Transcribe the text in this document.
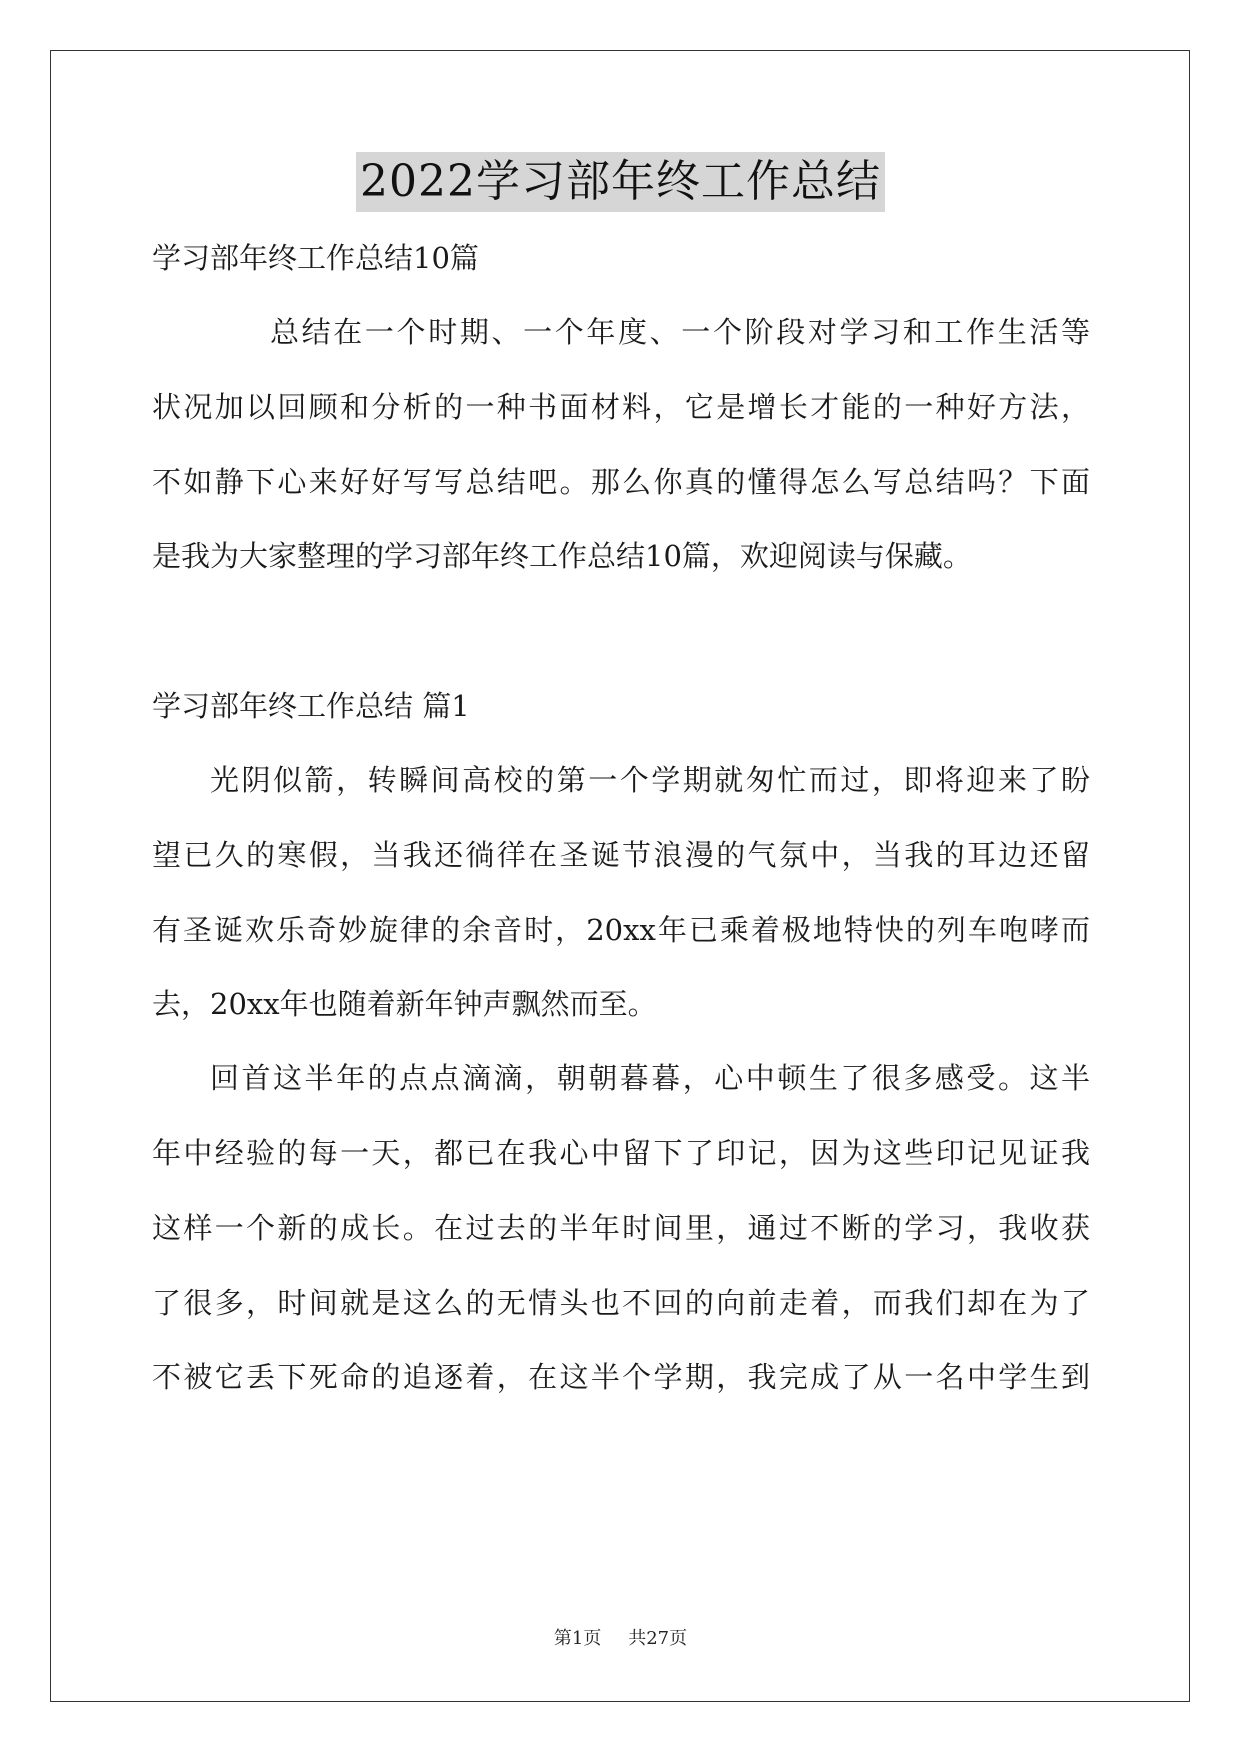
2022学习部年终工作总结
学习部年终工作总结10篇
总结在一个时期、一个年度、一个阶段对学习和工作生活等
状况加以回顾和分析的一种书面材料，它是增长才能的一种好方法，
不如静下心来好好写写总结吧。那么你真的懂得怎么写总结吗？下面
是我为大家整理的学习部年终工作总结10篇，欢迎阅读与保藏。
学习部年终工作总结 篇1
光阴似箭，转瞬间高校的第一个学期就匆忙而过，即将迎来了盼
望已久的寒假，当我还徜徉在圣诞节浪漫的气氛中，当我的耳边还留
有圣诞欢乐奇妙旋律的余音时，20xx年已乘着极地特快的列车咆哮而
去，20xx年也随着新年钟声飘然而至。
回首这半年的点点滴滴，朝朝暮暮，心中顿生了很多感受。这半
年中经验的每一天，都已在我心中留下了印记，因为这些印记见证我
这样一个新的成长。在过去的半年时间里，通过不断的学习，我收获
了很多，时间就是这么的无情头也不回的向前走着，而我们却在为了
不被它丢下死命的追逐着，在这半个学期，我完成了从一名中学生到
第1页 共27页
